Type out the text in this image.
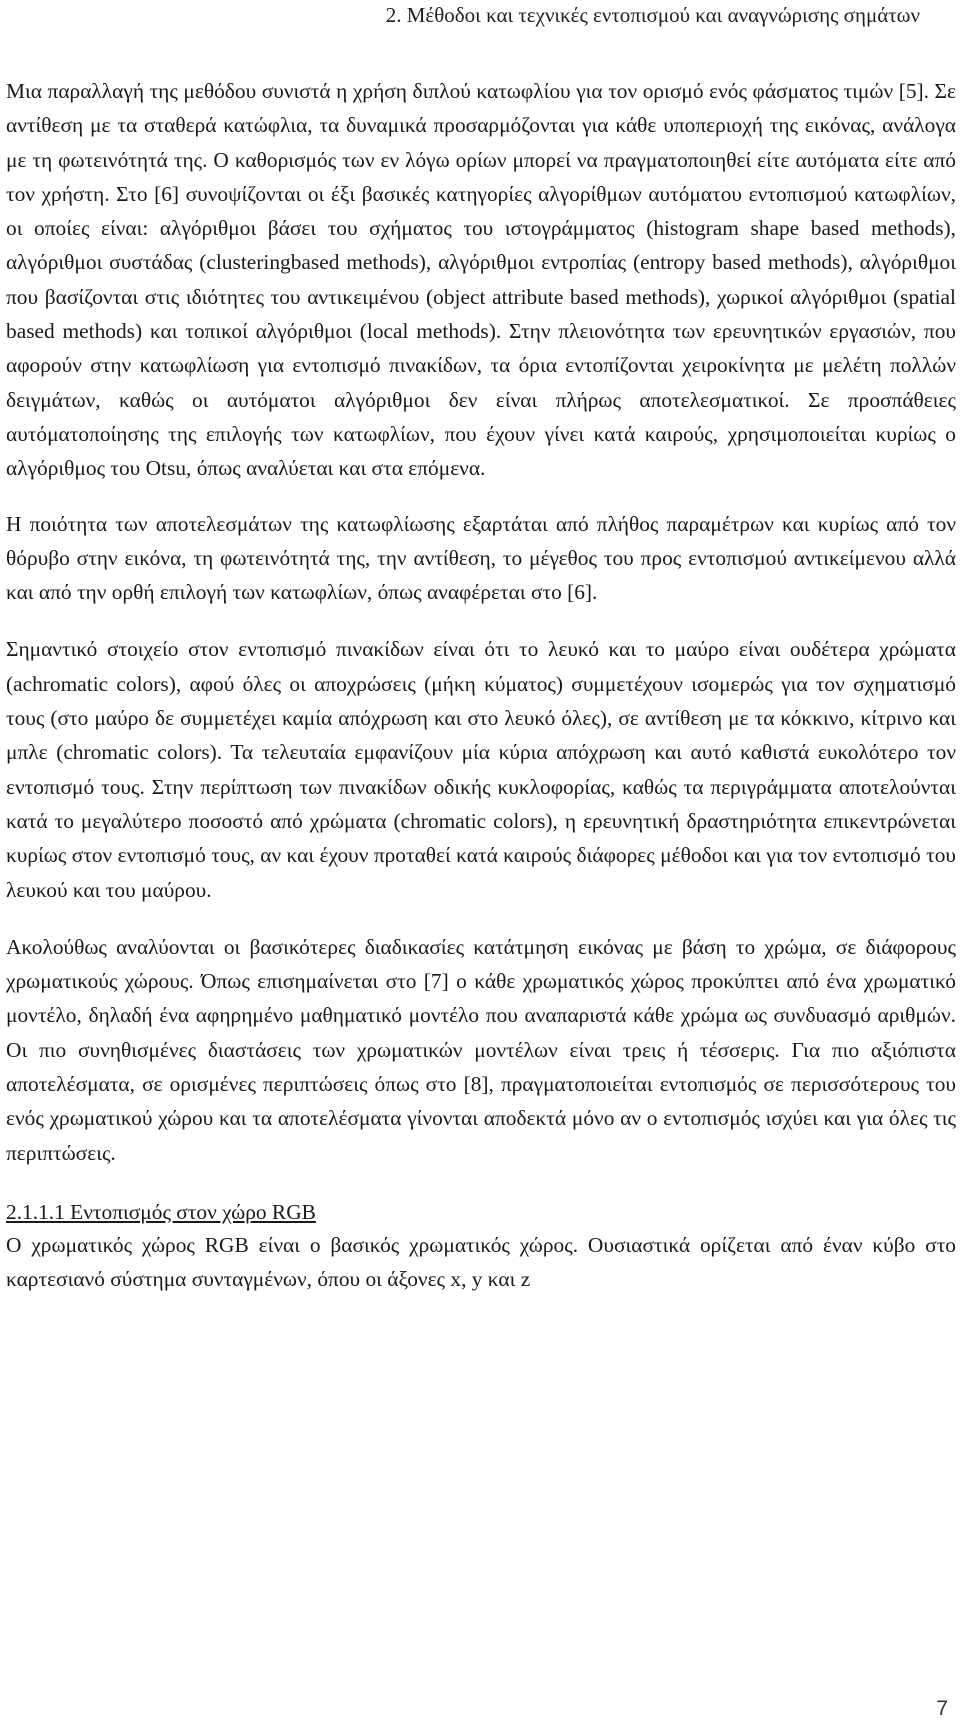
2. Μέθοδοι και τεχνικές εντοπισμού και αναγνώρισης σημάτων

Μια παραλλαγή της μεθόδου συνιστά η χρήση διπλού κατωφλίου για τον ορισμό ενός φάσματος τιμών [5]. Σε αντίθεση με τα σταθερά κατώφλια, τα δυναμικά προσαρμόζονται για κάθε υποπεριοχή της εικόνας, ανάλογα με τη φωτεινότητά της. Ο καθορισμός των εν λόγω ορίων μπορεί να πραγματοποιηθεί είτε αυτόματα είτε από τον χρήστη. Στο [6] συνοψίζονται οι έξι βασικές κατηγορίες αλγορίθμων αυτόματου εντοπισμού κατωφλίων, οι οποίες είναι: αλγόριθμοι βάσει του σχήματος του ιστογράμματος (histogram shape based methods), αλγόριθμοι συστάδας (clusteringbased methods), αλγόριθμοι εντροπίας (entropy based methods), αλγόριθμοι που βασίζονται στις ιδιότητες του αντικειμένου (object attribute based methods), χωρικοί αλγόριθμοι (spatial based methods) και τοπικοί αλγόριθμοι (local methods). Στην πλειονότητα των ερευνητικών εργασιών, που αφορούν στην κατωφλίωση για εντοπισμό πινακίδων, τα όρια εντοπίζονται χειροκίνητα με μελέτη πολλών δειγμάτων, καθώς οι αυτόματοι αλγόριθμοι δεν είναι πλήρως αποτελεσματικοί. Σε προσπάθειες αυτόματοποίησης της επιλογής των κατωφλίων, που έχουν γίνει κατά καιρούς, χρησιμοποιείται κυρίως ο αλγόριθμος του Otsu, όπως αναλύεται και στα επόμενα.

Η ποιότητα των αποτελεσμάτων της κατωφλίωσης εξαρτάται από πλήθος παραμέτρων και κυρίως από τον θόρυβο στην εικόνα, τη φωτεινότητά της, την αντίθεση, το μέγεθος του προς εντοπισμού αντικείμενου αλλά και από την ορθή επιλογή των κατωφλίων, όπως αναφέρεται στο [6].

Σημαντικό στοιχείο στον εντοπισμό πινακίδων είναι ότι το λευκό και το μαύρο είναι ουδέτερα χρώματα (achromatic colors), αφού όλες οι αποχρώσεις (μήκη κύματος) συμμετέχουν ισομερώς για τον σχηματισμό τους (στο μαύρο δε συμμετέχει καμία απόχρωση και στο λευκό όλες), σε αντίθεση με τα κόκκινο, κίτρινο και μπλε (chromatic colors). Τα τελευταία εμφανίζουν μία κύρια απόχρωση και αυτό καθιστά ευκολότερο τον εντοπισμό τους. Στην περίπτωση των πινακίδων οδικής κυκλοφορίας, καθώς τα περιγράμματα αποτελούνται κατά το μεγαλύτερο ποσοστό από χρώματα (chromatic colors), η ερευνητική δραστηριότητα επικεντρώνεται κυρίως στον εντοπισμό τους, αν και έχουν προταθεί κατά καιρούς διάφορες μέθοδοι και για τον εντοπισμό του λευκού και του μαύρου.

Ακολούθως αναλύονται οι βασικότερες διαδικασίες κατάτμηση εικόνας με βάση το χρώμα, σε διάφορους χρωματικούς χώρους. Όπως επισημαίνεται στο [7] ο κάθε χρωματικός χώρος προκύπτει από ένα χρωματικό μοντέλο, δηλαδή ένα αφηρημένο μαθηματικό μοντέλο που αναπαριστά κάθε χρώμα ως συνδυασμό αριθμών. Οι πιο συνηθισμένες διαστάσεις των χρωματικών μοντέλων είναι τρεις ή τέσσερις. Για πιο αξιόπιστα αποτελέσματα, σε ορισμένες περιπτώσεις όπως στο [8], πραγματοποιείται εντοπισμός σε περισσότερους του ενός χρωματικού χώρου και τα αποτελέσματα γίνονται αποδεκτά μόνο αν ο εντοπισμός ισχύει και για όλες τις περιπτώσεις.

2.1.1.1 Εντοπισμός στον χώρο RGB

Ο χρωματικός χώρος RGB είναι ο βασικός χρωματικός χώρος. Ουσιαστικά ορίζεται από έναν κύβο στο καρτεσιανό σύστημα συνταγμένων, όπου οι άξονες x, y και z

7
